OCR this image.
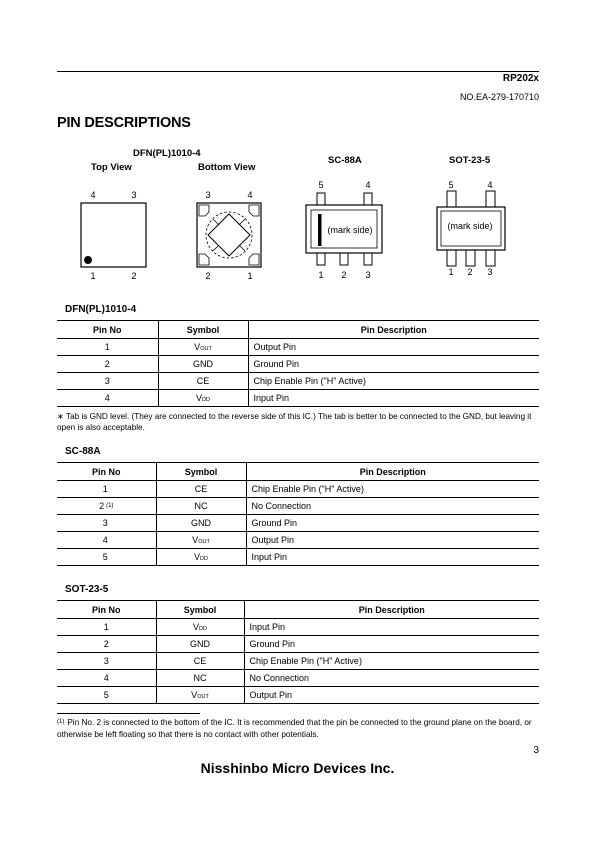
RP202x
NO.EA-279-170710
PIN DESCRIPTIONS
DFN(PL)1010-4
Top View	Bottom View
SC-88A	SOT-23-5
4	3
1	2
3	4
2	1
(mark side)
5	4
1 2 3
(mark side)
5	4
1 2 3
DFN(PL)1010-4
Pin No	Symbol	Pin Description
1	VOUT	Output Pin
2	GND	Ground Pin
3	CE	Chip Enable Pin ("H" Active)
4	VDD	Input Pin
∗ Tab is GND level. (They are connected to the reverse side of this IC.) The tab is better to be connected to the GND, but leaving it open is also acceptable.
SC-88A
Pin No	Symbol	Pin Description
1	CE	Chip Enable Pin ("H" Active)
2 $^{(1)}$	NC	No Connection
3	GND	Ground Pin
4	VOUT	Output Pin
5	VDD	Input Pin
SOT-23-5
Pin No	Symbol	Pin Description
1	VDD	Input Pin
2	GND	Ground Pin
3	CE	Chip Enable Pin ("H" Active)
4	NC	No Connection
5	VOUT	Output Pin
$^{(1)}$ Pin No. 2 is connected to the bottom of the IC. It is recommended that the pin be connected to the ground plane on the board, or otherwise be left floating so that there is no contact with other potentials.
3
Nisshinbo Micro Devices Inc.
